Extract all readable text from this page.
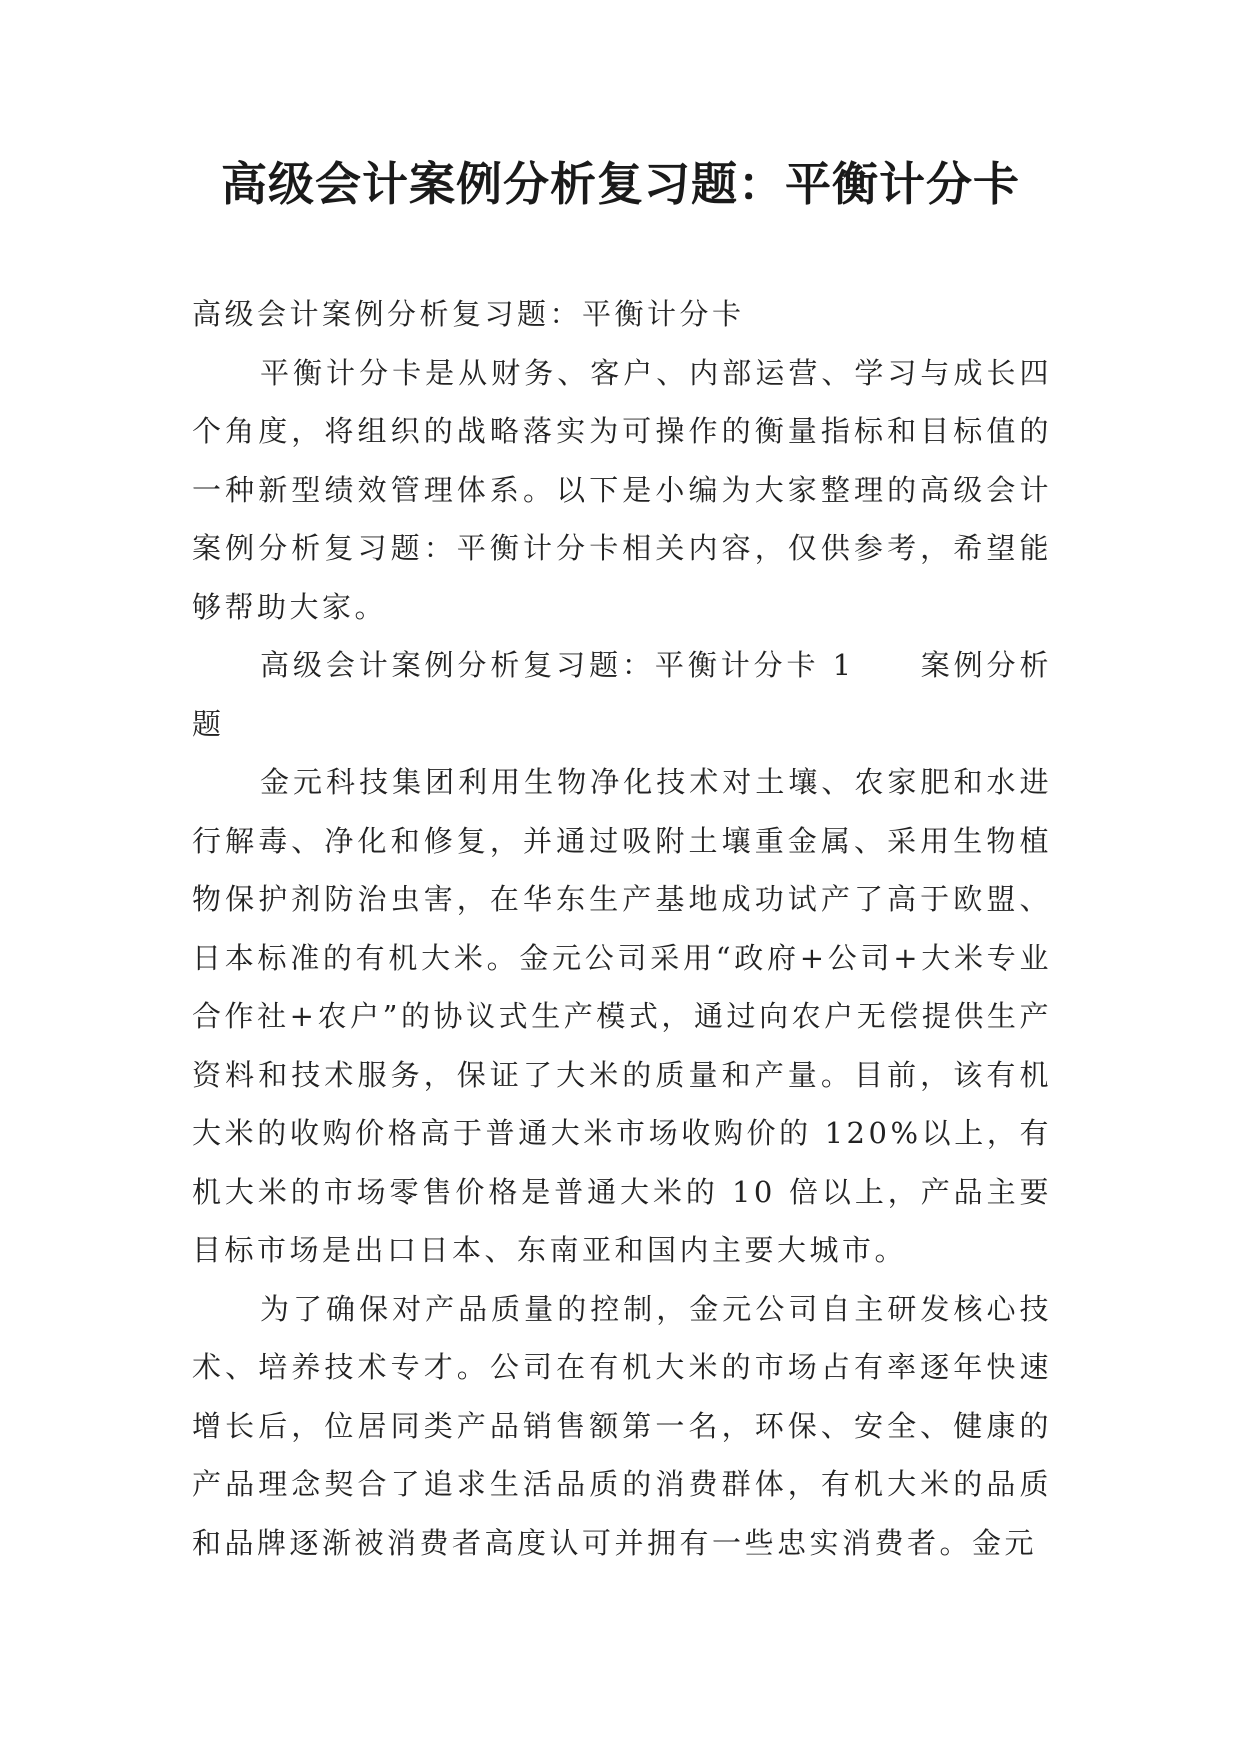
高级会计案例分析复习题：平衡计分卡

高级会计案例分析复习题：平衡计分卡

平衡计分卡是从财务、客户、内部运营、学习与成长四个角度，将组织的战略落实为可操作的衡量指标和目标值的一种新型绩效管理体系。以下是小编为大家整理的高级会计案例分析复习题：平衡计分卡相关内容，仅供参考，希望能够帮助大家。

高级会计案例分析复习题：平衡计分卡 1　　案例分析题

金元科技集团利用生物净化技术对土壤、农家肥和水进行解毒、净化和修复，并通过吸附土壤重金属、采用生物植物保护剂防治虫害，在华东生产基地成功试产了高于欧盟、日本标准的有机大米。金元公司采用“政府+公司+大米专业合作社+农户”的协议式生产模式，通过向农户无偿提供生产资料和技术服务，保证了大米的质量和产量。目前，该有机大米的收购价格高于普通大米市场收购价的 120%以上，有机大米的市场零售价格是普通大米的 10 倍以上，产品主要目标市场是出口日本、东南亚和国内主要大城市。

为了确保对产品质量的控制，金元公司自主研发核心技术、培养技术专才。公司在有机大米的市场占有率逐年快速增长后，位居同类产品销售额第一名，环保、安全、健康的产品理念契合了追求生活品质的消费群体，有机大米的品质和品牌逐渐被消费者高度认可并拥有一些忠实消费者。金元
